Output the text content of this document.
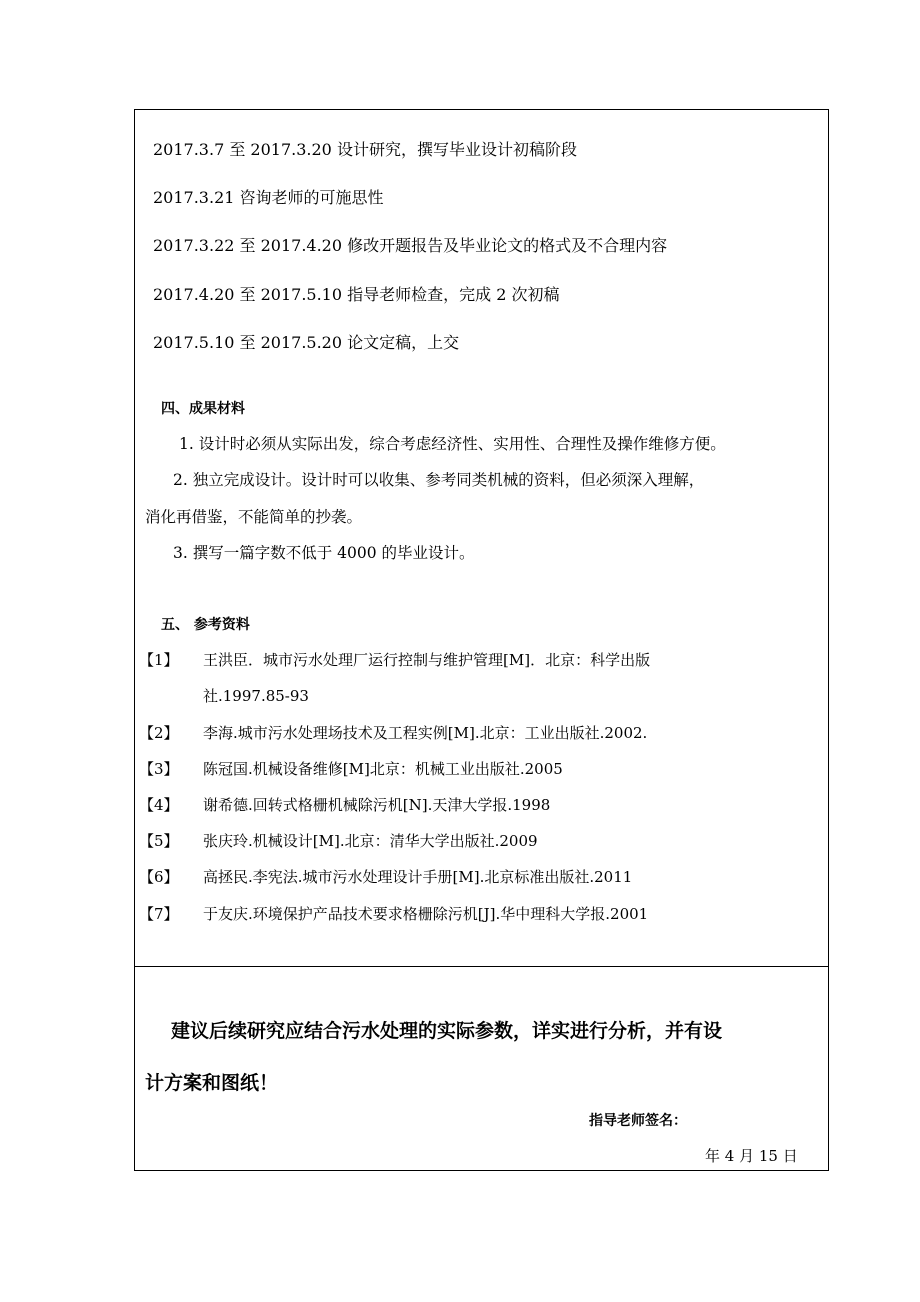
2017.3.7 至 2017.3.20 设计研究，撰写毕业设计初稿阶段
2017.3.21 咨询老师的可施思性
2017.3.22 至 2017.4.20 修改开题报告及毕业论文的格式及不合理内容
2017.4.20 至 2017.5.10 指导老师检查，完成 2 次初稿
2017.5.10 至 2017.5.20 论文定稿，上交
四、成果材料
1. 设计时必须从实际出发，综合考虑经济性、实用性、合理性及操作维修方便。
2. 独立完成设计。设计时可以收集、参考同类机械的资料，但必须深入理解，
消化再借鉴，不能简单的抄袭。
3. 撰写一篇字数不低于 4000 的毕业设计。
五、 参考资料
【1】 王洪臣．城市污水处理厂运行控制与维护管理[M]．北京：科学出版
社.1997.85-93
【2】 李海.城市污水处理场技术及工程实例[M].北京：工业出版社.2002.
【3】 陈冠国.机械设备维修[M]北京：机械工业出版社.2005
【4】 谢希德.回转式格栅机械除污机[N].天津大学报.1998
【5】 张庆玲.机械设计[M].北京：清华大学出版社.2009
【6】 高拯民.李宪法.城市污水处理设计手册[M].北京标准出版社.2011
【7】 于友庆.环境保护产品技术要求格栅除污机[J].华中理科大学报.2001
建议后续研究应结合污水处理的实际参数，详实进行分析，并有设
计方案和图纸！
指导老师签名：
年 4 月 15 日
